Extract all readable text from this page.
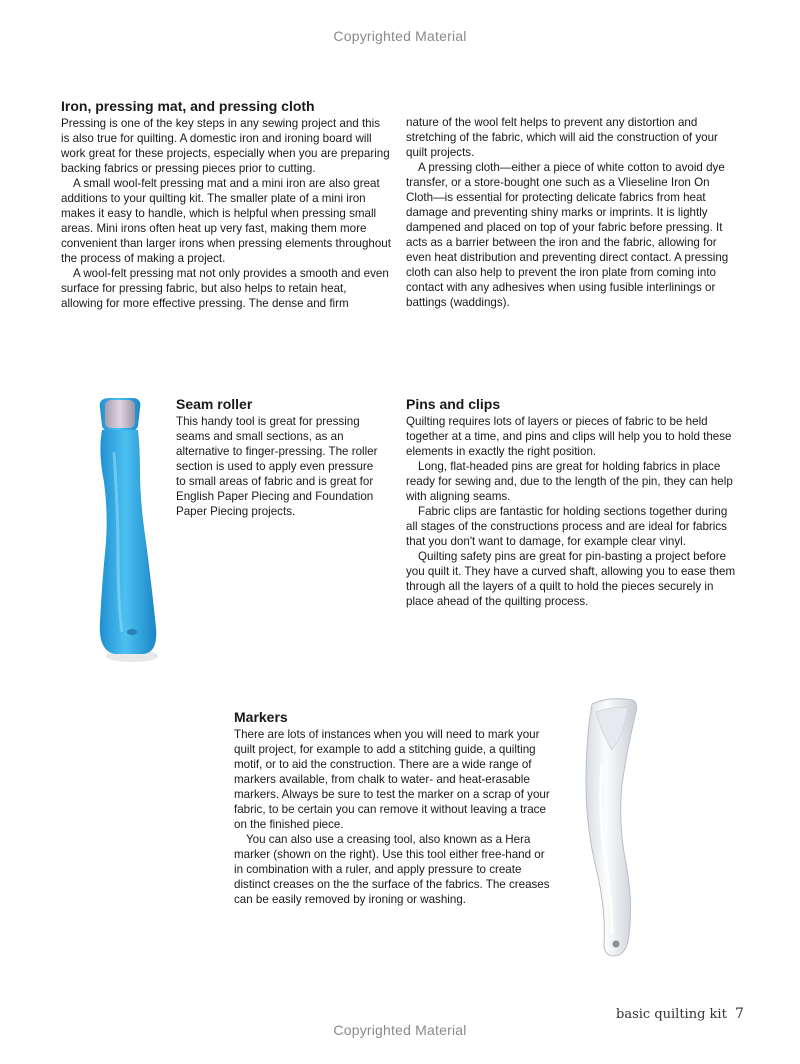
Copyrighted Material
Iron, pressing mat, and pressing cloth

Pressing is one of the key steps in any sewing project and this is also true for quilting. A domestic iron and ironing board will work great for these projects, especially when you are preparing backing fabrics or pressing pieces prior to cutting.

A small wool-felt pressing mat and a mini iron are also great additions to your quilting kit. The smaller plate of a mini iron makes it easy to handle, which is helpful when pressing small areas. Mini irons often heat up very fast, making them more convenient than larger irons when pressing elements throughout the process of making a project.

A wool-felt pressing mat not only provides a smooth and even surface for pressing fabric, but also helps to retain heat, allowing for more effective pressing. The dense and firm

nature of the wool felt helps to prevent any distortion and stretching of the fabric, which will aid the construction of your quilt projects.

A pressing cloth—either a piece of white cotton to avoid dye transfer, or a store-bought one such as a Vlieseline Iron On Cloth—is essential for protecting delicate fabrics from heat damage and preventing shiny marks or imprints. It is lightly dampened and placed on top of your fabric before pressing. It acts as a barrier between the iron and the fabric, allowing for even heat distribution and preventing direct contact. A pressing cloth can also help to prevent the iron plate from coming into contact with any adhesives when using fusible interlinings or battings (waddings).

Seam roller

This handy tool is great for pressing seams and small sections, as an alternative to finger-pressing. The roller section is used to apply even pressure to small areas of fabric and is great for English Paper Piecing and Foundation Paper Piecing projects.

Pins and clips

Quilting requires lots of layers or pieces of fabric to be held together at a time, and pins and clips will help you to hold these elements in exactly the right position.

Long, flat-headed pins are great for holding fabrics in place ready for sewing and, due to the length of the pin, they can help with aligning seams.

Fabric clips are fantastic for holding sections together during all stages of the constructions process and are ideal for fabrics that you don't want to damage, for example clear vinyl.

Quilting safety pins are great for pin-basting a project before you quilt it. They have a curved shaft, allowing you to ease them through all the layers of a quilt to hold the pieces securely in place ahead of the quilting process.

Markers

There are lots of instances when you will need to mark your quilt project, for example to add a stitching guide, a quilting motif, or to aid the construction. There are a wide range of markers available, from chalk to water- and heat-erasable markers. Always be sure to test the marker on a scrap of your fabric, to be certain you can remove it without leaving a trace on the finished piece.

You can also use a creasing tool, also known as a Hera marker (shown on the right). Use this tool either free-hand or in combination with a ruler, and apply pressure to create distinct creases on the the surface of the fabrics. The creases can be easily removed by ironing or washing.

basic quilting kit 7
Copyrighted Material
